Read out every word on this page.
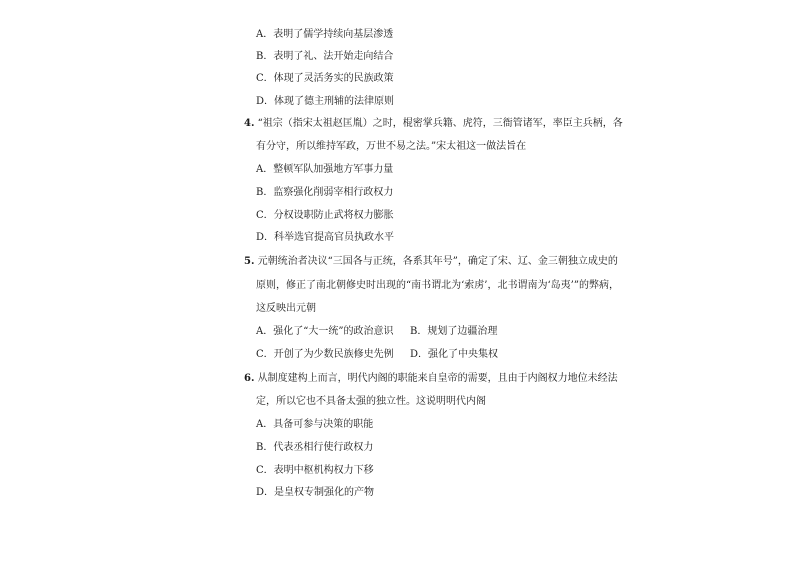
A．表明了儒学持续向基层渗透
B．表明了礼、法开始走向结合
C．体现了灵活务实的民族政策
D．体现了德主刑辅的法律原则
4. “祖宗（指宋太祖赵匡胤）之时，棍密掌兵籍、虎符，三衙管诸军，率臣主兵柄，各
有分守，所以维持军政，万世不易之法。”宋太祖这一做法旨在
A．整顿军队加强地方军事力量
B．监察强化削弱宰相行政权力
C．分权设职防止武将权力膨胀
D．科举选官提高官员执政水平
5. 元朝统治者决议“三国各与正统，各系其年号”，确定了宋、辽、金三朝独立成史的
原则，修正了南北朝修史时出现的“南书谓北为‘索虏’，北书谓南为‘岛夷’”的弊病，
这反映出元朝
A．强化了“大一统”的政治意识 B．规划了边疆治理
C．开创了为少数民族修史先例 D．强化了中央集权
6. 从制度建构上而言，明代内阁的职能来自皇帝的需要，且由于内阁权力地位未经法
定，所以它也不具备太强的独立性。这说明明代内阁
A．具备可参与决策的职能
B．代表丞相行使行政权力
C．表明中枢机构权力下移
D．是皇权专制强化的产物
